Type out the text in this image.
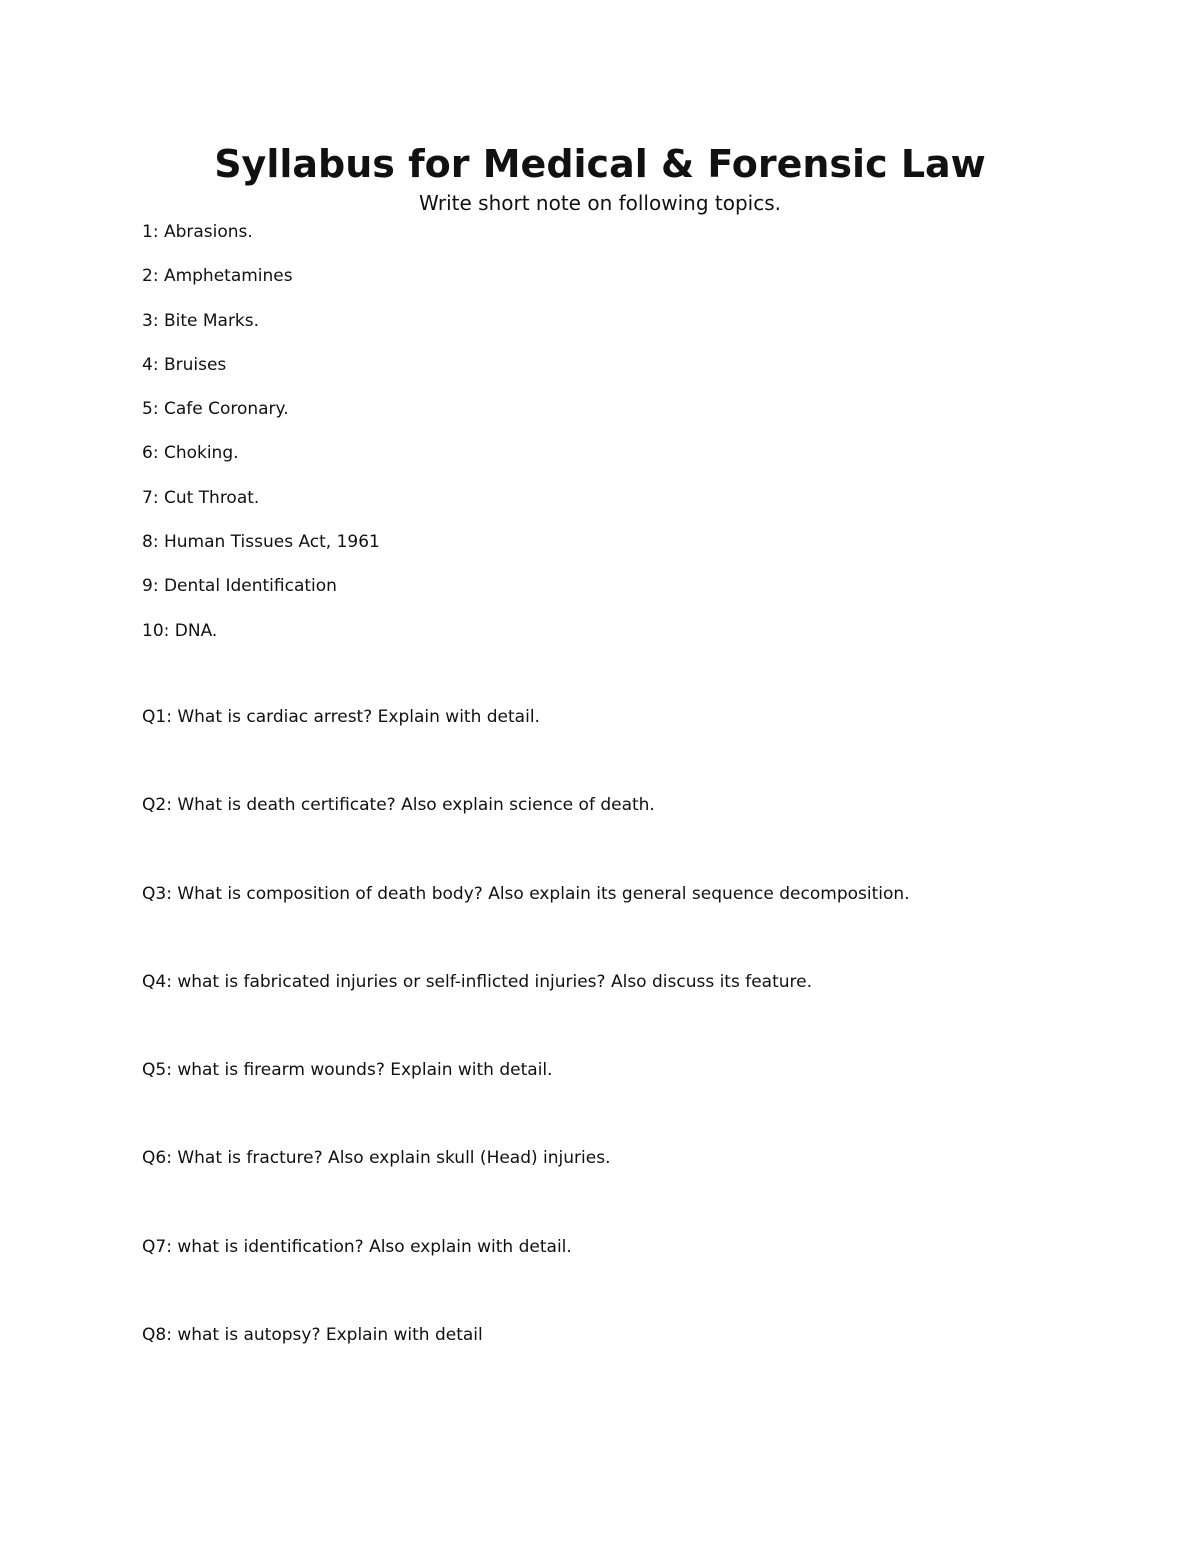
Syllabus for Medical & Forensic Law
Write short note on following topics.
1: Abrasions.
2: Amphetamines
3: Bite Marks.
4: Bruises
5: Cafe Coronary.
6: Choking.
7: Cut Throat.
8: Human Tissues Act, 1961
9: Dental Identification
10: DNA.
Q1: What is cardiac arrest? Explain with detail.
Q2: What is death certificate? Also explain science of death.
Q3: What is composition of death body? Also explain its general sequence decomposition.
Q4: what is fabricated injuries or self-inflicted injuries? Also discuss its feature.
Q5: what is firearm wounds? Explain with detail.
Q6: What is fracture? Also explain skull (Head) injuries.
Q7: what is identification? Also explain with detail.
Q8: what is autopsy? Explain with detail
